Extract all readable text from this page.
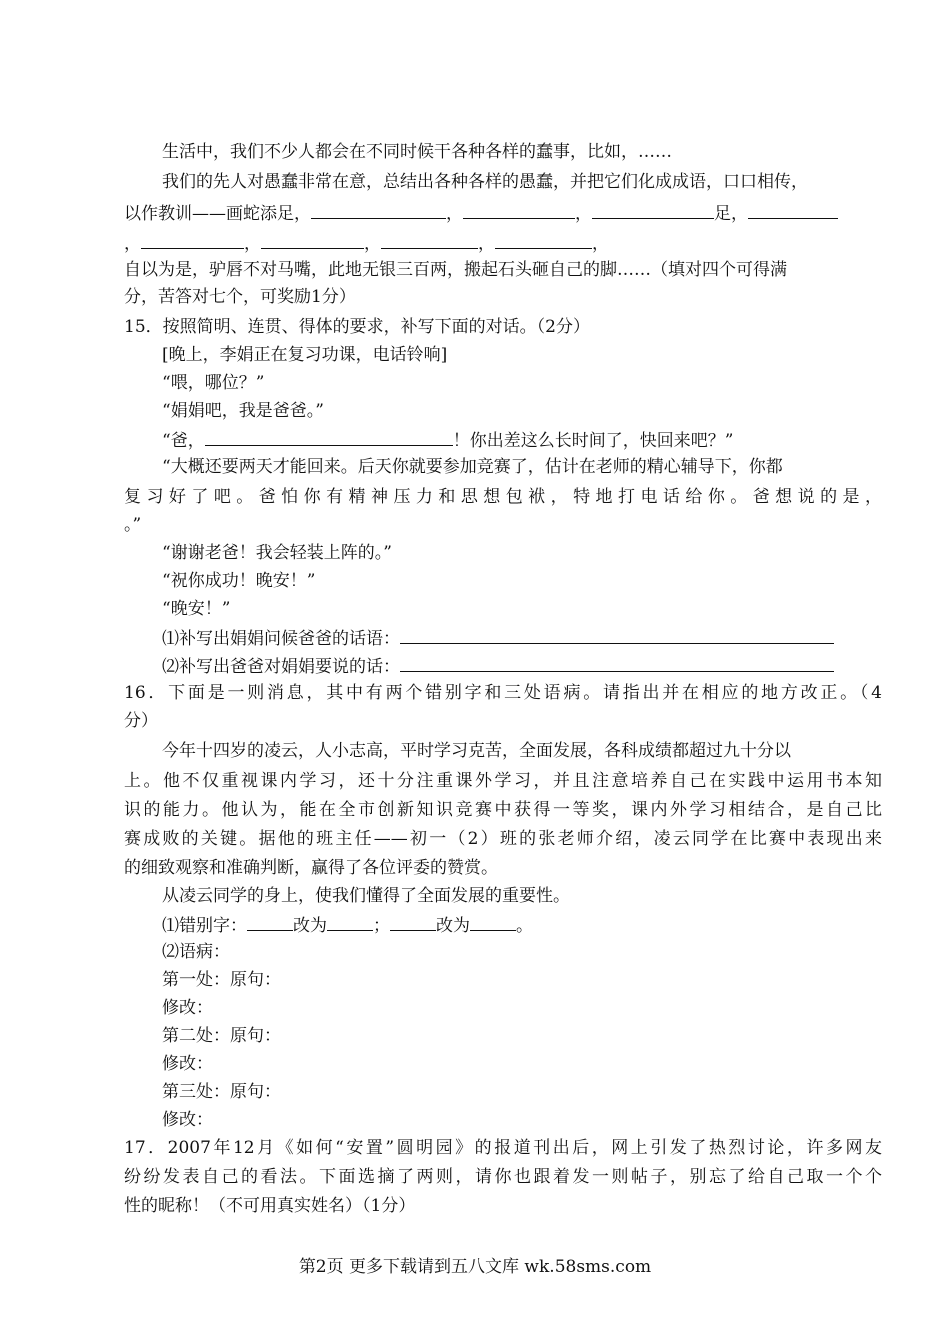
生活中，我们不少人都会在不同时候干各种各样的蠢事，比如，……
我们的先人对愚蠢非常在意，总结出各种各样的愚蠢，并把它们化成成语，口口相传，
以作教训——画蛇添足，	，	，	足，
，	，	，	，	，
自以为是，驴唇不对马嘴，此地无银三百两，搬起石头砸自己的脚……（填对四个可得满
分，苦答对七个，可奖励1分）
15．按照简明、连贯、得体的要求，补写下面的对话。（2分）
[晚上，李娟正在复习功课，电话铃响]
“喂，哪位？”
“娟娟吧，我是爸爸。”
“爸，	！你出差这么长时间了，快回来吧？”
“大概还要两天才能回来。后天你就要参加竞赛了，估计在老师的精心辅导下，你都
复习好了吧。爸怕你有精神压力和思想包袱，特地打电话给你。爸想说的是，
。”
“谢谢老爸！我会轻装上阵的。”
“祝你成功！晚安！”
“晚安！”
⑴补写出娟娟问候爸爸的话语：
⑵补写出爸爸对娟娟要说的话：
16．下面是一则消息，其中有两个错别字和三处语病。请指出并在相应的地方改正。（4
分）
今年十四岁的凌云，人小志高，平时学习克苦，全面发展，各科成绩都超过九十分以
上。他不仅重视课内学习，还十分注重课外学习，并且注意培养自己在实践中运用书本知
识的能力。他认为，能在全市创新知识竞赛中获得一等奖，课内外学习相结合，是自己比
赛成败的关键。据他的班主任——初一（2）班的张老师介绍，凌云同学在比赛中表现出来
的细致观察和准确判断，赢得了各位评委的赞赏。
从凌云同学的身上，使我们懂得了全面发展的重要性。
⑴错别字：	改为	；	改为	。
⑵语病：
第一处：原句：
修改：
第二处：原句：
修改：
第三处：原句：
修改：
17．2007年12月《如何“安置”圆明园》的报道刊出后，网上引发了热烈讨论，许多网友
纷纷发表自己的看法。下面选摘了两则，请你也跟着发一则帖子，别忘了给自己取一个个
性的昵称！（不可用真实姓名）（1分）
第2页 更多下载请到五八文库 wk.58sms.com
